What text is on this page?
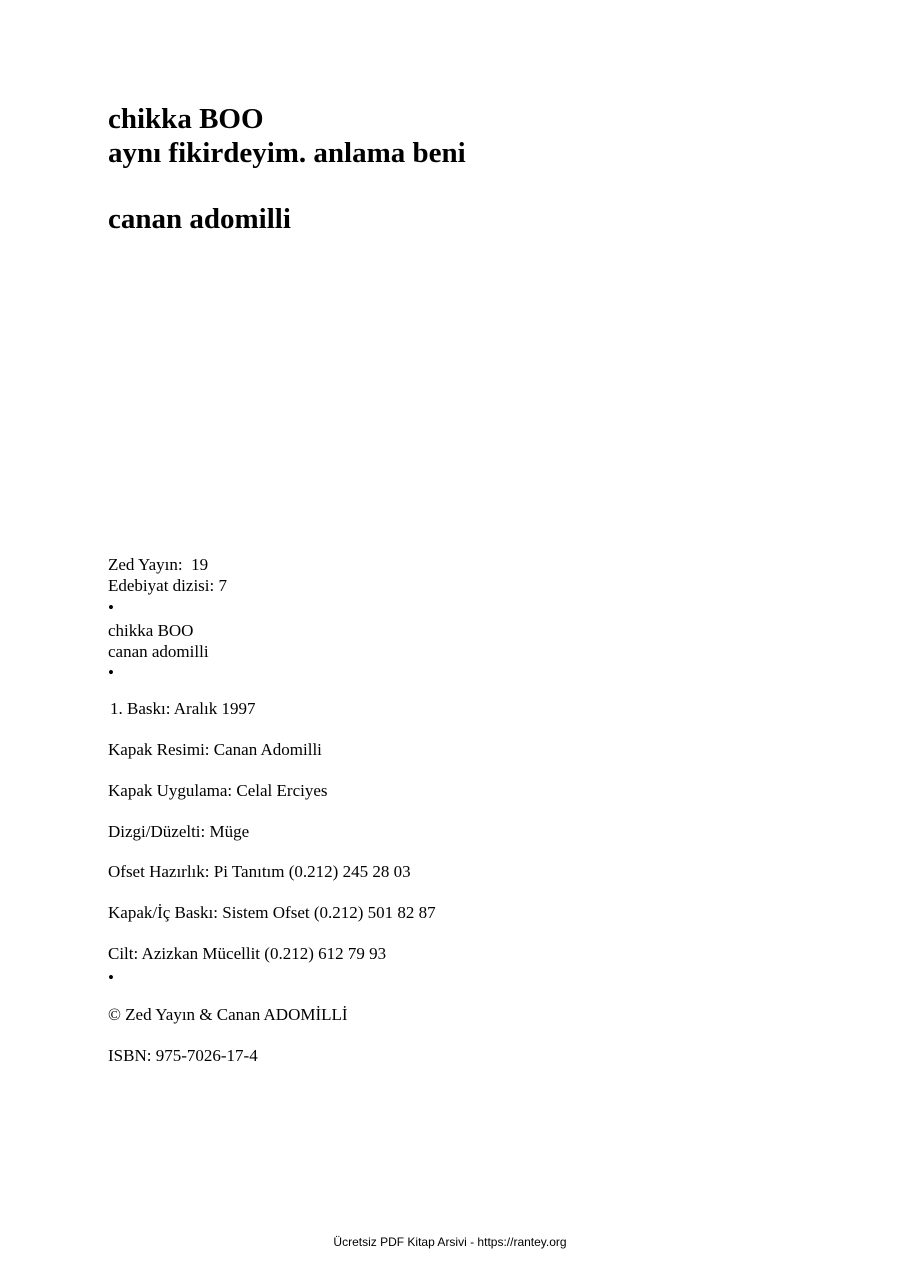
chikka BOO
aynı fikirdeyim. anlama beni
canan adomilli
Zed Yayın:  19
Edebiyat dizisi: 7
•
chikka BOO
canan adomilli
•
1. Baskı: Aralık 1997
Kapak Resimi: Canan Adomilli
Kapak Uygulama: Celal Erciyes
Dizgi/Düzelti: Müge
Ofset Hazırlık: Pi Tanıtım (0.212) 245 28 03
Kapak/İç Baskı: Sistem Ofset (0.212) 501 82 87
Cilt: Azizkan Mücellit (0.212) 612 79 93
•
© Zed Yayın & Canan ADOMİLLİ
ISBN: 975-7026-17-4
Ücretsiz PDF Kitap Arsivi - https://rantey.org
